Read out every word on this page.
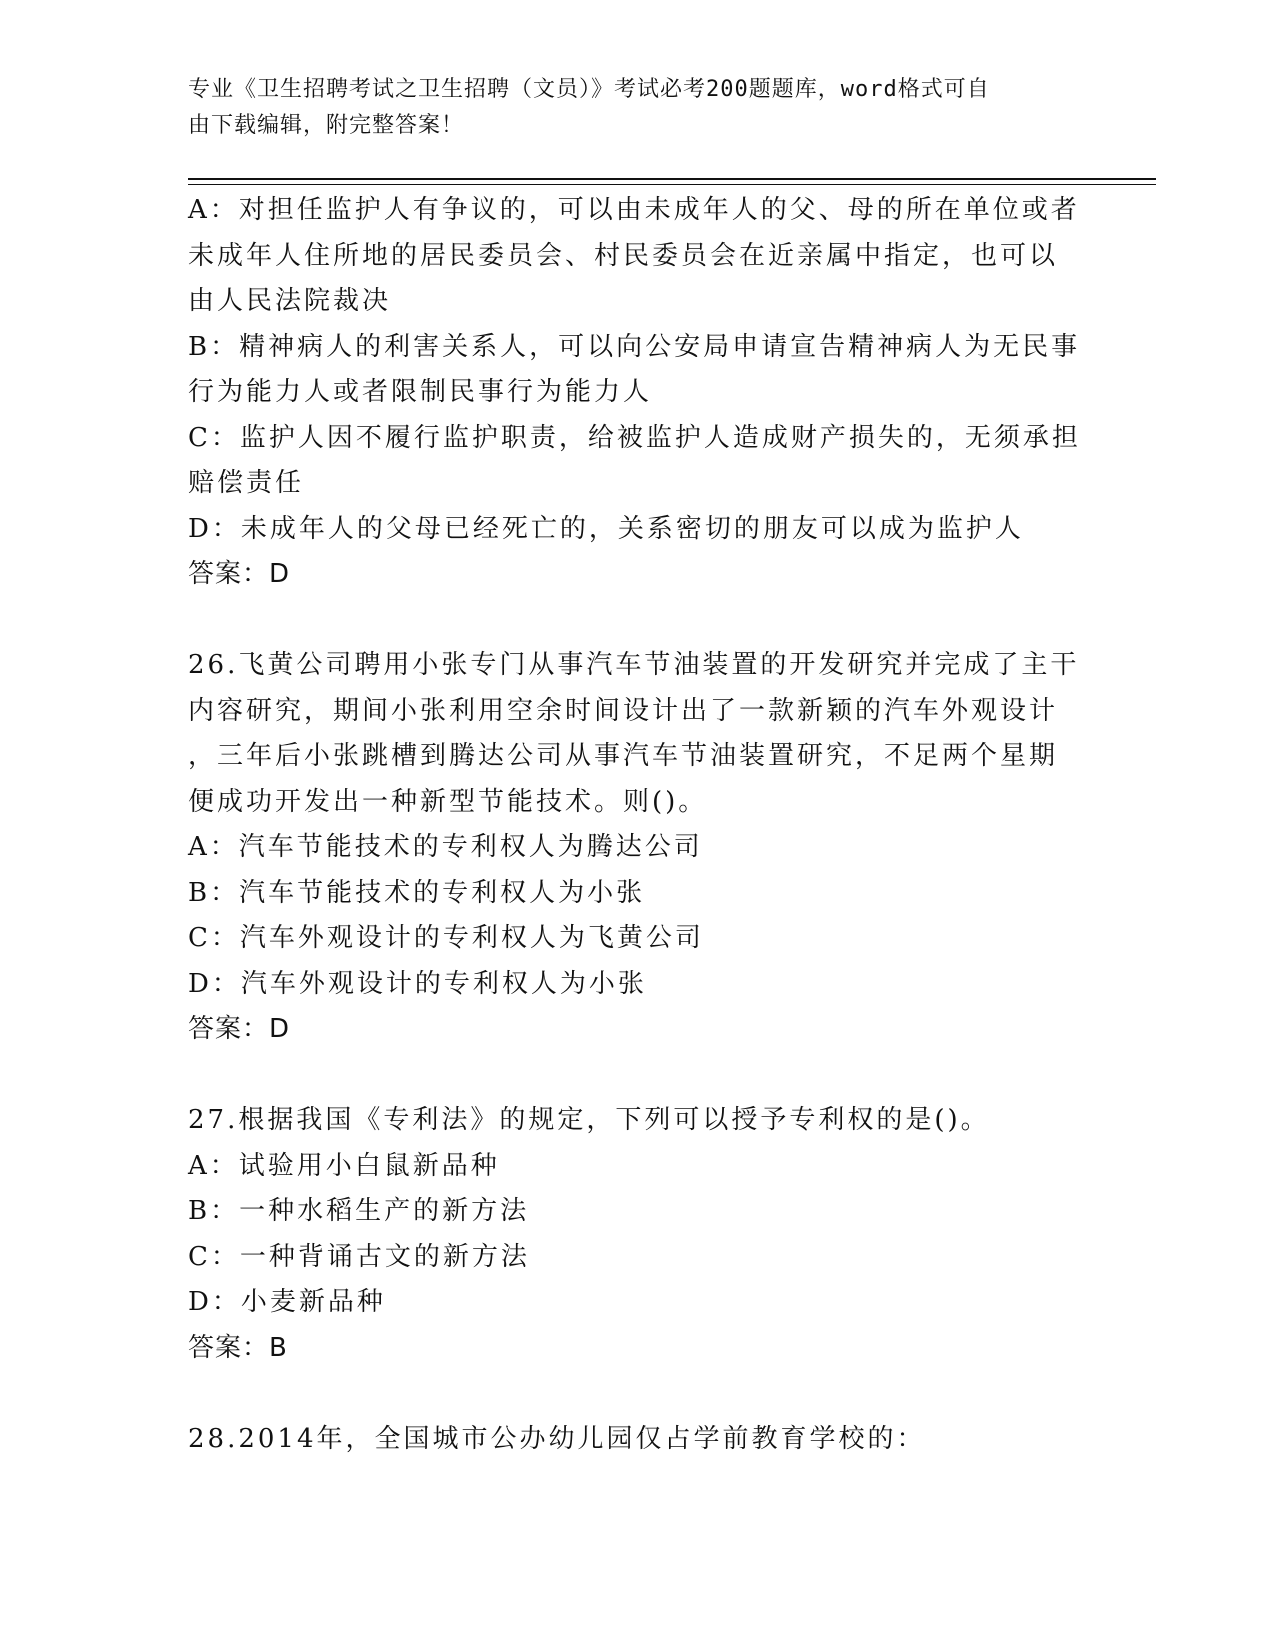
专业《卫生招聘考试之卫生招聘（文员）》考试必考200题题库，word格式可自
由下载编辑，附完整答案！
A：对担任监护人有争议的，可以由未成年人的父、母的所在单位或者
未成年人住所地的居民委员会、村民委员会在近亲属中指定，也可以
由人民法院裁决
B：精神病人的利害关系人，可以向公安局申请宣告精神病人为无民事
行为能力人或者限制民事行为能力人
C：监护人因不履行监护职责，给被监护人造成财产损失的，无须承担
赔偿责任
D：未成年人的父母已经死亡的，关系密切的朋友可以成为监护人
答案：D
26.飞黄公司聘用小张专门从事汽车节油装置的开发研究并完成了主干
内容研究，期间小张利用空余时间设计出了一款新颖的汽车外观设计
，三年后小张跳槽到腾达公司从事汽车节油装置研究，不足两个星期
便成功开发出一种新型节能技术。则()。
A：汽车节能技术的专利权人为腾达公司
B：汽车节能技术的专利权人为小张
C：汽车外观设计的专利权人为飞黄公司
D：汽车外观设计的专利权人为小张
答案：D
27.根据我国《专利法》的规定，下列可以授予专利权的是()。
A：试验用小白鼠新品种
B：一种水稻生产的新方法
C：一种背诵古文的新方法
D：小麦新品种
答案：B
28.2014年，全国城市公办幼儿园仅占学前教育学校的：
